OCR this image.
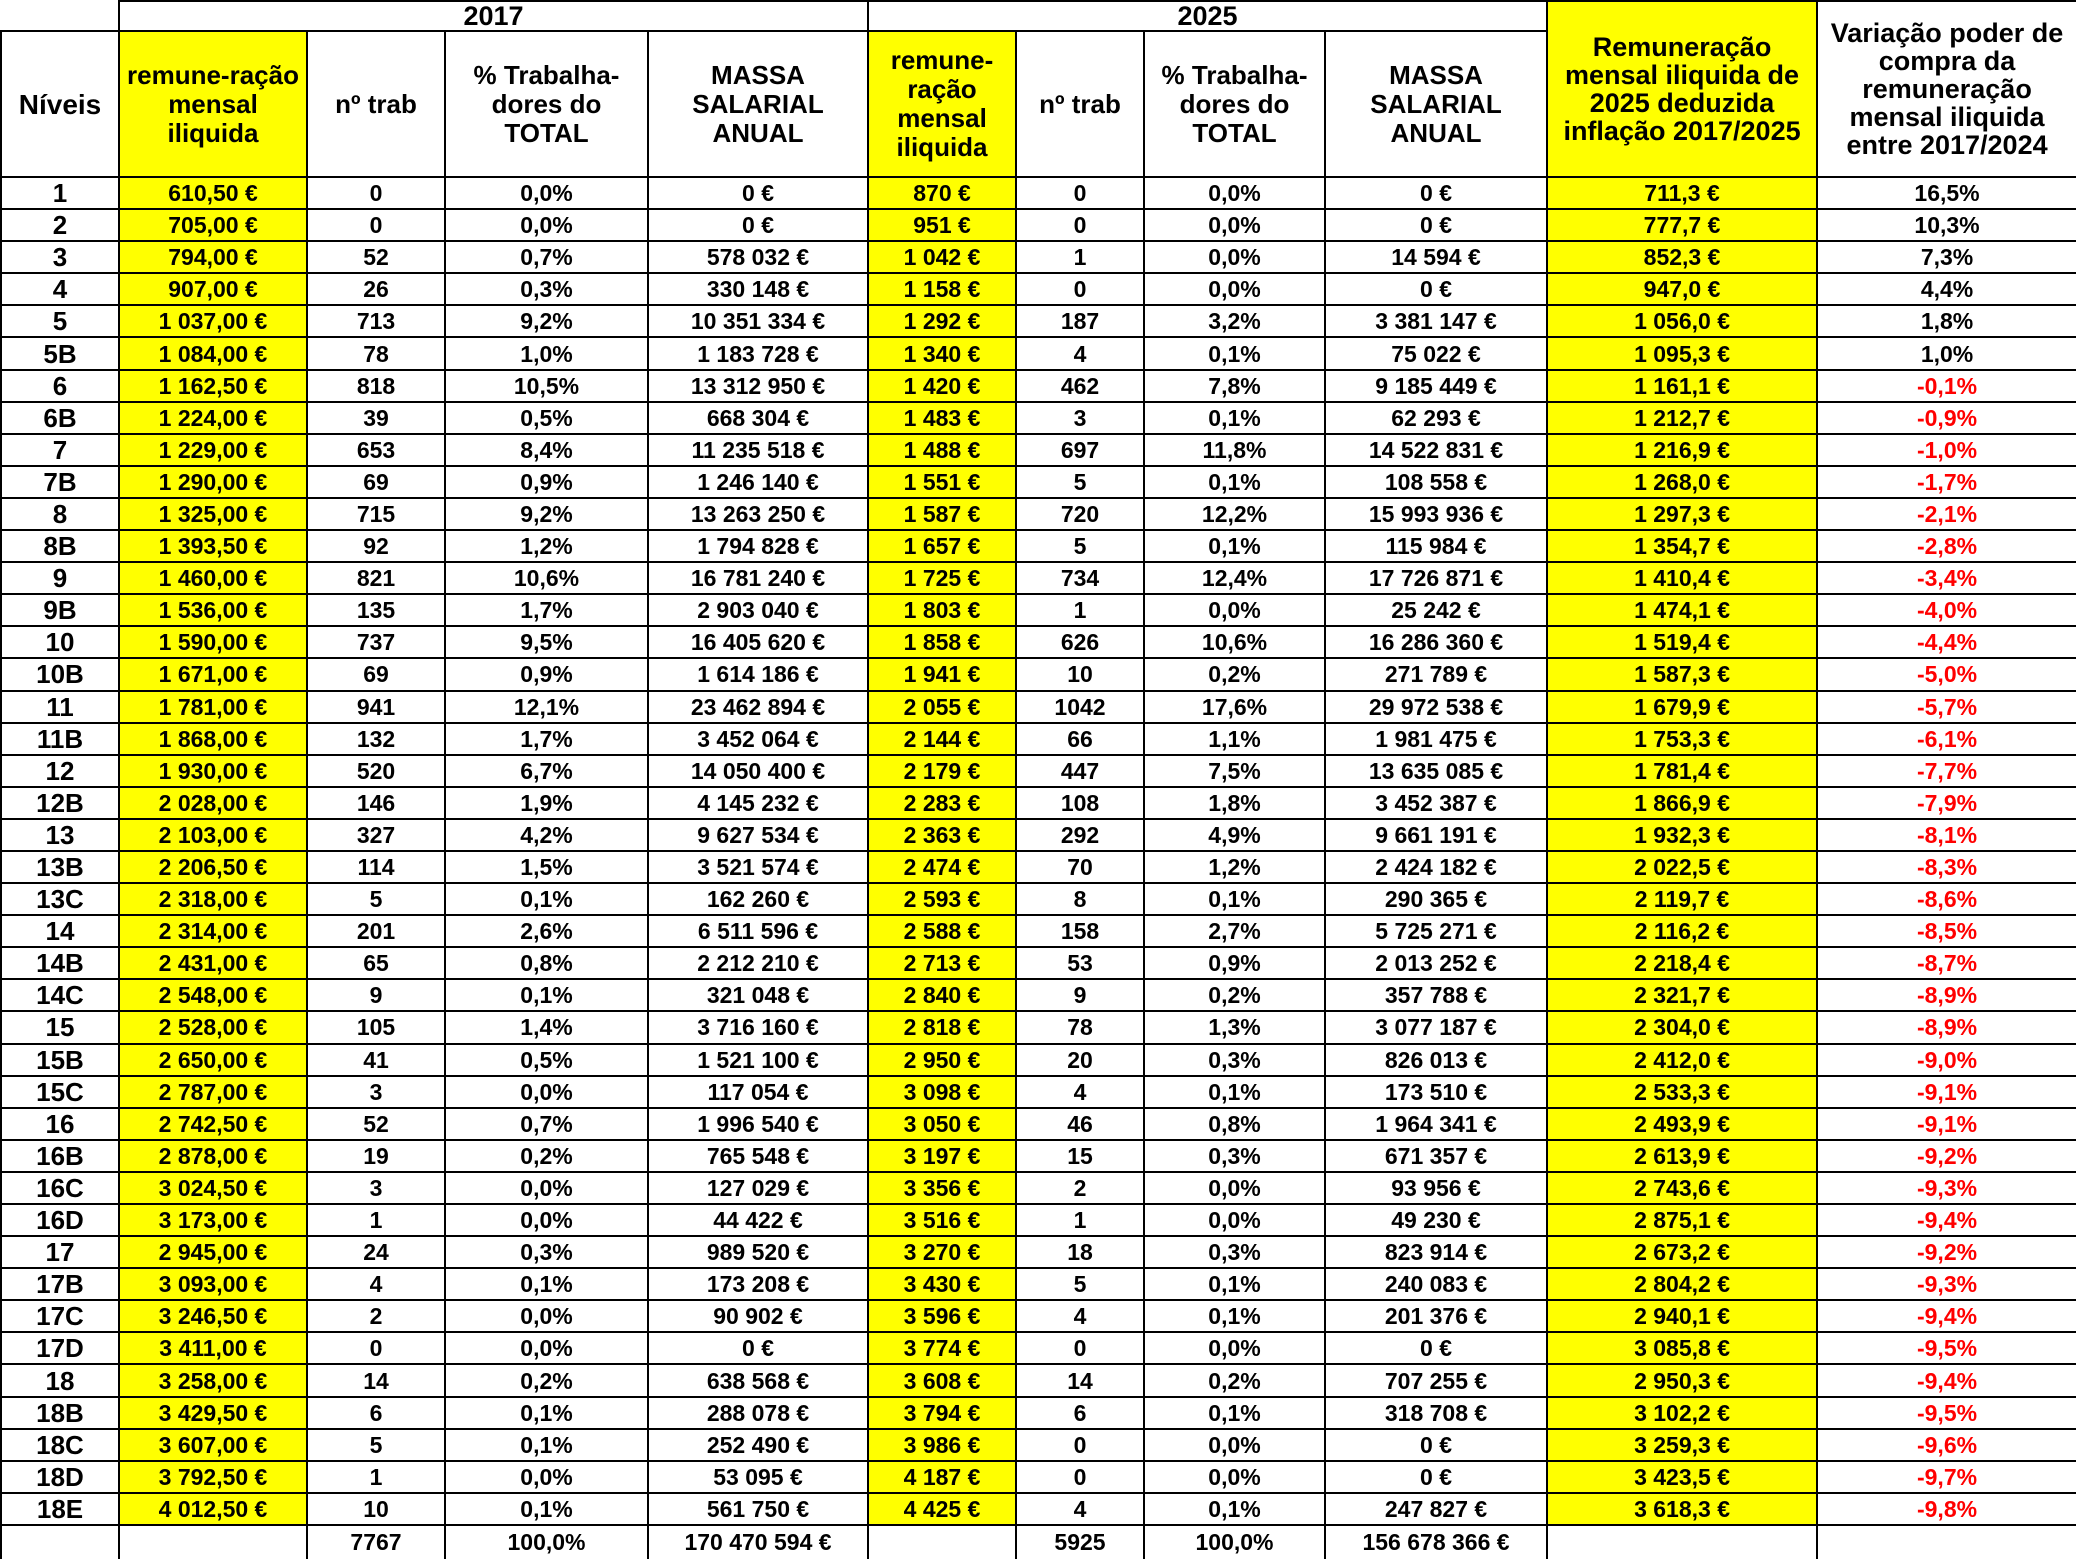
	2017				2025				Remuneração mensal iliquida de 2025 deduzida inflação 2017/2025	Variação poder de compra da remuneração mensal iliquida entre 2017/2024
Níveis	remune-ração mensal iliquida	nº trab	% Trabalha-dores do TOTAL	MASSA SALARIAL ANUAL	remune-ração mensal iliquida	nº trab	% Trabalha-dores do TOTAL	MASSA SALARIAL ANUAL		
1	610,50 €	0	0,0%	0 €	870 €	0	0,0%	0 €	711,3 €	16,5%
2	705,00 €	0	0,0%	0 €	951 €	0	0,0%	0 €	777,7 €	10,3%
3	794,00 €	52	0,7%	578 032 €	1 042 €	1	0,0%	14 594 €	852,3 €	7,3%
4	907,00 €	26	0,3%	330 148 €	1 158 €	0	0,0%	0 €	947,0 €	4,4%
5	1 037,00 €	713	9,2%	10 351 334 €	1 292 €	187	3,2%	3 381 147 €	1 056,0 €	1,8%
5B	1 084,00 €	78	1,0%	1 183 728 €	1 340 €	4	0,1%	75 022 €	1 095,3 €	1,0%
6	1 162,50 €	818	10,5%	13 312 950 €	1 420 €	462	7,8%	9 185 449 €	1 161,1 €	-0,1%
6B	1 224,00 €	39	0,5%	668 304 €	1 483 €	3	0,1%	62 293 €	1 212,7 €	-0,9%
7	1 229,00 €	653	8,4%	11 235 518 €	1 488 €	697	11,8%	14 522 831 €	1 216,9 €	-1,0%
7B	1 290,00 €	69	0,9%	1 246 140 €	1 551 €	5	0,1%	108 558 €	1 268,0 €	-1,7%
8	1 325,00 €	715	9,2%	13 263 250 €	1 587 €	720	12,2%	15 993 936 €	1 297,3 €	-2,1%
8B	1 393,50 €	92	1,2%	1 794 828 €	1 657 €	5	0,1%	115 984 €	1 354,7 €	-2,8%
9	1 460,00 €	821	10,6%	16 781 240 €	1 725 €	734	12,4%	17 726 871 €	1 410,4 €	-3,4%
9B	1 536,00 €	135	1,7%	2 903 040 €	1 803 €	1	0,0%	25 242 €	1 474,1 €	-4,0%
10	1 590,00 €	737	9,5%	16 405 620 €	1 858 €	626	10,6%	16 286 360 €	1 519,4 €	-4,4%
10B	1 671,00 €	69	0,9%	1 614 186 €	1 941 €	10	0,2%	271 789 €	1 587,3 €	-5,0%
11	1 781,00 €	941	12,1%	23 462 894 €	2 055 €	1042	17,6%	29 972 538 €	1 679,9 €	-5,7%
11B	1 868,00 €	132	1,7%	3 452 064 €	2 144 €	66	1,1%	1 981 475 €	1 753,3 €	-6,1%
12	1 930,00 €	520	6,7%	14 050 400 €	2 179 €	447	7,5%	13 635 085 €	1 781,4 €	-7,7%
12B	2 028,00 €	146	1,9%	4 145 232 €	2 283 €	108	1,8%	3 452 387 €	1 866,9 €	-7,9%
13	2 103,00 €	327	4,2%	9 627 534 €	2 363 €	292	4,9%	9 661 191 €	1 932,3 €	-8,1%
13B	2 206,50 €	114	1,5%	3 521 574 €	2 474 €	70	1,2%	2 424 182 €	2 022,5 €	-8,3%
13C	2 318,00 €	5	0,1%	162 260 €	2 593 €	8	0,1%	290 365 €	2 119,7 €	-8,6%
14	2 314,00 €	201	2,6%	6 511 596 €	2 588 €	158	2,7%	5 725 271 €	2 116,2 €	-8,5%
14B	2 431,00 €	65	0,8%	2 212 210 €	2 713 €	53	0,9%	2 013 252 €	2 218,4 €	-8,7%
14C	2 548,00 €	9	0,1%	321 048 €	2 840 €	9	0,2%	357 788 €	2 321,7 €	-8,9%
15	2 528,00 €	105	1,4%	3 716 160 €	2 818 €	78	1,3%	3 077 187 €	2 304,0 €	-8,9%
15B	2 650,00 €	41	0,5%	1 521 100 €	2 950 €	20	0,3%	826 013 €	2 412,0 €	-9,0%
15C	2 787,00 €	3	0,0%	117 054 €	3 098 €	4	0,1%	173 510 €	2 533,3 €	-9,1%
16	2 742,50 €	52	0,7%	1 996 540 €	3 050 €	46	0,8%	1 964 341 €	2 493,9 €	-9,1%
16B	2 878,00 €	19	0,2%	765 548 €	3 197 €	15	0,3%	671 357 €	2 613,9 €	-9,2%
16C	3 024,50 €	3	0,0%	127 029 €	3 356 €	2	0,0%	93 956 €	2 743,6 €	-9,3%
16D	3 173,00 €	1	0,0%	44 422 €	3 516 €	1	0,0%	49 230 €	2 875,1 €	-9,4%
17	2 945,00 €	24	0,3%	989 520 €	3 270 €	18	0,3%	823 914 €	2 673,2 €	-9,2%
17B	3 093,00 €	4	0,1%	173 208 €	3 430 €	5	0,1%	240 083 €	2 804,2 €	-9,3%
17C	3 246,50 €	2	0,0%	90 902 €	3 596 €	4	0,1%	201 376 €	2 940,1 €	-9,4%
17D	3 411,00 €	0	0,0%	0 €	3 774 €	0	0,0%	0 €	3 085,8 €	-9,5%
18	3 258,00 €	14	0,2%	638 568 €	3 608 €	14	0,2%	707 255 €	2 950,3 €	-9,4%
18B	3 429,50 €	6	0,1%	288 078 €	3 794 €	6	0,1%	318 708 €	3 102,2 €	-9,5%
18C	3 607,00 €	5	0,1%	252 490 €	3 986 €	0	0,0%	0 €	3 259,3 €	-9,6%
18D	3 792,50 €	1	0,0%	53 095 €	4 187 €	0	0,0%	0 €	3 423,5 €	-9,7%
18E	4 012,50 €	10	0,1%	561 750 €	4 425 €	4	0,1%	247 827 €	3 618,3 €	-9,8%
		7767	100,0%	170 470 594 €		5925	100,0%	156 678 366 €		
